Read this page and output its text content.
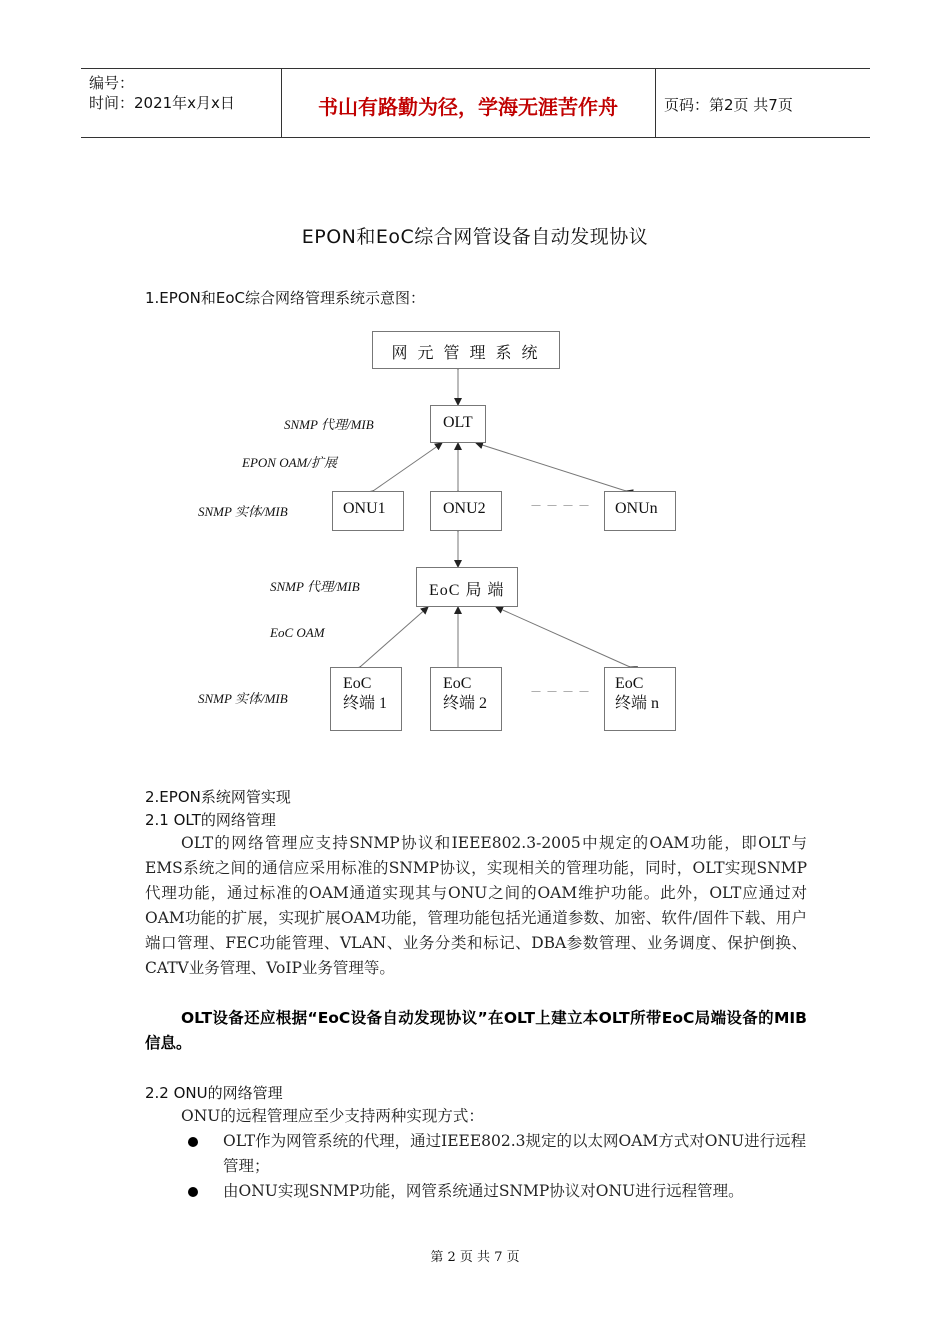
编号：
时间：2021年x月x日	书山有路勤为径，学海无涯苦作舟	页码：第2页 共7页
EPON和EoC综合网管设备自动发现协议
1.EPON和EoC综合网络管理系统示意图：
网 元 管 理 系 统
OLT
SNMP 代理/MIB
EPON OAM/扩展
SNMP 实体/MIB	ONU1	ONU2	－－－－	ONUn
SNMP 代理/MIB	EoC 局 端
EoC OAM
SNMP 实体/MIB
EoC
终端 1
EoC
终端 2
－－－－ EoC
终端 n
2.EPON系统网管实现
2.1 OLT的网络管理
OLT的网络管理应支持SNMP协议和IEEE802.3-2005中规定的OAM功能，即OLT与EMS系统之间的通信应采用标准的SNMP协议，实现相关的管理功能，同时，OLT实现SNMP代理功能，通过标准的OAM通道实现其与ONU之间的OAM维护功能。此外，OLT应通过对OAM功能的扩展，实现扩展OAM功能，管理功能包括光通道参数、加密、软件/固件下载、用户端口管理、FEC功能管理、VLAN、业务分类和标记、DBA参数管理、业务调度、保护倒换、CATV业务管理、VoIP业务管理等。
OLT设备还应根据“EoC设备自动发现协议”在OLT上建立本OLT所带EoC局端设备的MIB信息。
2.2 ONU的网络管理
ONU的远程管理应至少支持两种实现方式：
OLT作为网管系统的代理，通过IEEE802.3规定的以太网OAM方式对ONU进行远程管理；
由ONU实现SNMP功能，网管系统通过SNMP协议对ONU进行远程管理。
第 2 页 共 7 页
